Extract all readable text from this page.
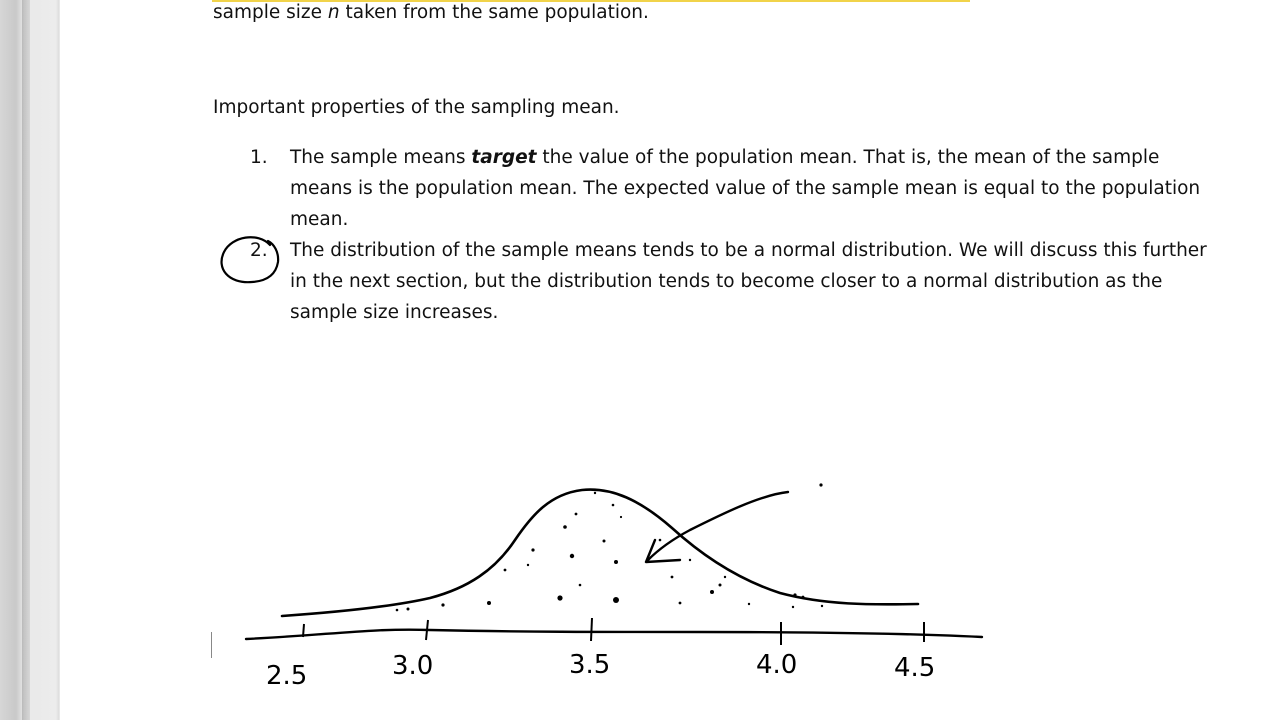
sample size n taken from the same population.
Important properties of the sampling mean.
1.	The sample means target the value of the population mean. That is, the mean of the sample means is the population mean. The expected value of the sample mean is equal to the population mean.
2.	The distribution of the sample means tends to be a normal distribution. We will discuss this further in the next section, but the distribution tends to become closer to a normal distribution as the sample size increases.
2.5	3.0	3.5	4.0	4.5
